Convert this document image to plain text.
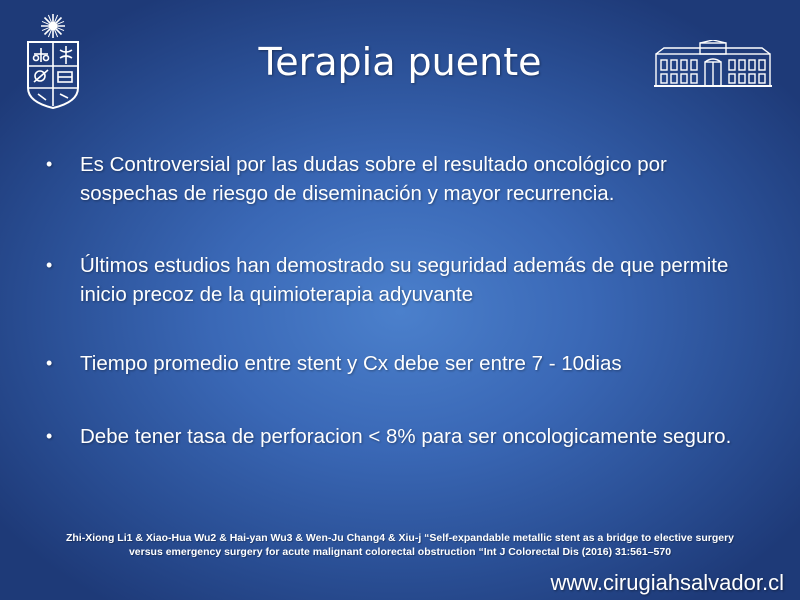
Terapia puente
• Es Controversial por las dudas sobre el resultado oncológico por sospechas de riesgo de diseminación y mayor recurrencia.
• Últimos estudios han demostrado su seguridad además de que permite inicio precoz de la quimioterapia adyuvante
• Tiempo promedio entre stent y Cx debe ser entre 7 - 10dias
• Debe tener tasa de perforacion < 8% para ser oncologicamente seguro.
Zhi-Xiong Li1 & Xiao-Hua Wu2 & Hai-yan Wu3 & Wen-Ju Chang4 & Xiu-j “Self-expandable metallic stent as a bridge to elective surgery
versus emergency surgery for acute malignant colorectal obstruction “Int J Colorectal Dis (2016) 31:561–570
www.cirugiahsalvador.cl
